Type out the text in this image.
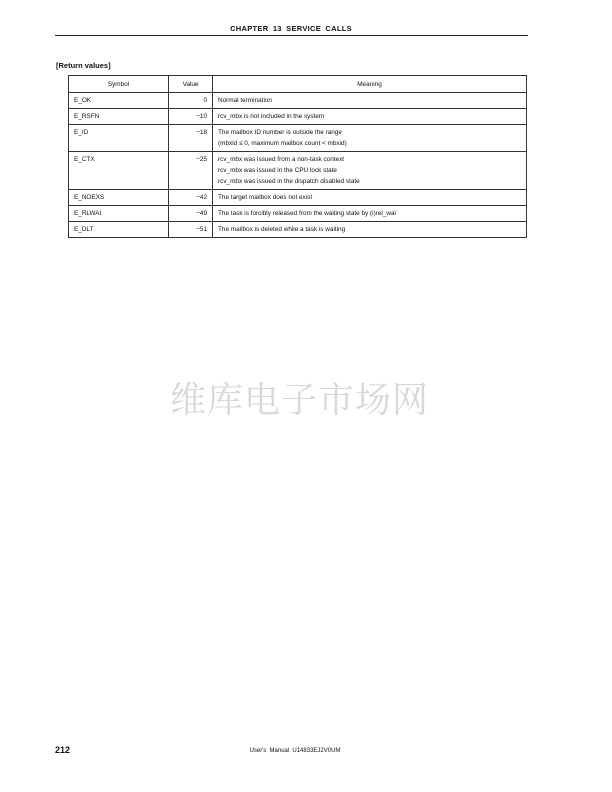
CHAPTER 13 SERVICE CALLS
[Return values]
Symbol	Value	Meaning
E_OK	0	Normal termination

E_RSFN	−10	rcv_mbx is not included in the system

E_ID	−18	The mailbox ID number is outside the range
(mbxid ≤ 0, maximum mailbox count < mbxid)

E_CTX	−25	rcv_mbx was issued from a non-task context
rcv_mbx was issued in the CPU lock state
rcv_mbx was issued in the dispatch disabled state

E_NOEXS	−42	The target mailbox does not exist

E_RLWAI	−49	The task is forcibly released from the waiting state by (i)rel_wai

E_DLT	−51	The mailbox is deleted while a task is waiting
维库电子市场网
212	User's Manual U14833EJ2V0UM
